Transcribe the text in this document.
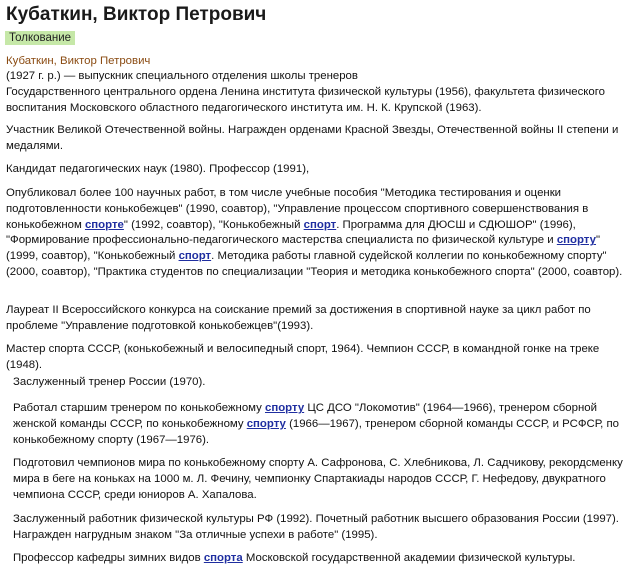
Кубаткин, Виктор Петрович
Толкование
Кубаткин, Виктор Петрович
(1927 г. р.) — выпускник специального отделения школы тренеров
Государственного центрального ордена Ленина института физической культуры (1956), факультета физического воспитания Московского областного педагогического института им. Н. К. Крупской (1963).

Участник Великой Отечественной войны. Награжден орденами Красной Звезды, Отечественной войны II степени и медалями.

Кандидат педагогических наук (1980). Профессор (1991),

Опубликовал более 100 научных работ, в том числе учебные пособия "Методика тестирования и оценки подготовленности конькобежцев" (1990, соавтор), "Управление процессом спортивного совершенствования в конькобежном спорте" (1992, соавтор), "Конькобежный спорт. Программа для ДЮСШ и СДЮШОР" (1996), "Формирование профессионально-педагогического мастерства специалиста по физической культуре и спорту" (1999, соавтор), "Конькобежный спорт. Методика работы главной судейской коллегии по конькобежному спорту" (2000, соавтор), "Практика студентов по специализации "Теория и методика конькобежного спорта" (2000, соавтор).

Лауреат II Всероссийского конкурса на соискание премий за достижения в спортивной науке за цикл работ по проблеме "Управление подготовкой конькобежцев"(1993).

Мастер спорта СССР, (конькобежный и велосипедный спорт, 1964). Чемпион СССР, в командной гонке на треке (1948).

Заслуженный тренер России (1970).

Работал старшим тренером по конькобежному спорту ЦС ДСО "Локомотив" (1964—1966), тренером сборной женской команды СССР, по конькобежному спорту (1966—1967), тренером сборной команды СССР, и РСФСР, по конькобежному спорту (1967—1976).

Подготовил чемпионов мира по конькобежному спорту А. Сафронова, С. Хлебникова, Л. Садчикову, рекордсменку мира в беге на коньках на 1000 м. Л. Фечину, чемпионку Спартакиады народов СССР, Г. Нефедову, двукратного чемпиона СССР, среди юниоров А. Хапалова.

Заслуженный работник физической культуры РФ (1992). Почетный работник высшего образования России (1997). Награжден нагрудным знаком "За отличные успехи в работе" (1995).

Профессор кафедры зимних видов спорта Московской государственной академии физической культуры.
